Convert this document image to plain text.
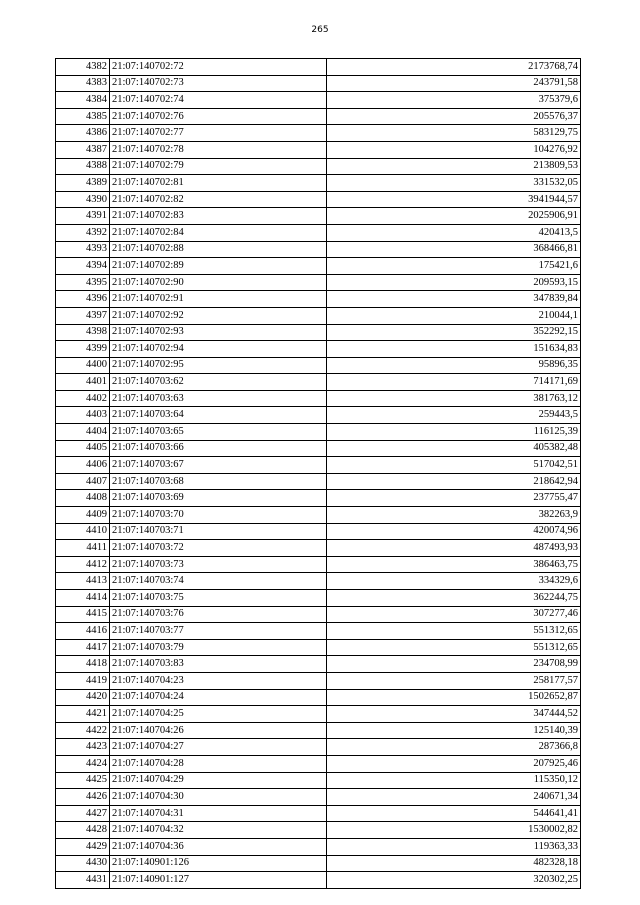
265
4382	21:07:140702:72	2173768,74
4383	21:07:140702:73	243791,58
4384	21:07:140702:74	375379,6
4385	21:07:140702:76	205576,37
4386	21:07:140702:77	583129,75
4387	21:07:140702:78	104276,92
4388	21:07:140702:79	213809,53
4389	21:07:140702:81	331532,05
4390	21:07:140702:82	3941944,57
4391	21:07:140702:83	2025906,91
4392	21:07:140702:84	420413,5
4393	21:07:140702:88	368466,81
4394	21:07:140702:89	175421,6
4395	21:07:140702:90	209593,15
4396	21:07:140702:91	347839,84
4397	21:07:140702:92	210044,1
4398	21:07:140702:93	352292,15
4399	21:07:140702:94	151634,83
4400	21:07:140702:95	95896,35
4401	21:07:140703:62	714171,69
4402	21:07:140703:63	381763,12
4403	21:07:140703:64	259443,5
4404	21:07:140703:65	116125,39
4405	21:07:140703:66	405382,48
4406	21:07:140703:67	517042,51
4407	21:07:140703:68	218642,94
4408	21:07:140703:69	237755,47
4409	21:07:140703:70	382263,9
4410	21:07:140703:71	420074,96
4411	21:07:140703:72	487493,93
4412	21:07:140703:73	386463,75
4413	21:07:140703:74	334329,6
4414	21:07:140703:75	362244,75
4415	21:07:140703:76	307277,46
4416	21:07:140703:77	551312,65
4417	21:07:140703:79	551312,65
4418	21:07:140703:83	234708,99
4419	21:07:140704:23	258177,57
4420	21:07:140704:24	1502652,87
4421	21:07:140704:25	347444,52
4422	21:07:140704:26	125140,39
4423	21:07:140704:27	287366,8
4424	21:07:140704:28	207925,46
4425	21:07:140704:29	115350,12
4426	21:07:140704:30	240671,34
4427	21:07:140704:31	544641,41
4428	21:07:140704:32	1530002,82
4429	21:07:140704:36	119363,33
4430	21:07:140901:126	482328,18
4431	21:07:140901:127	320302,25
